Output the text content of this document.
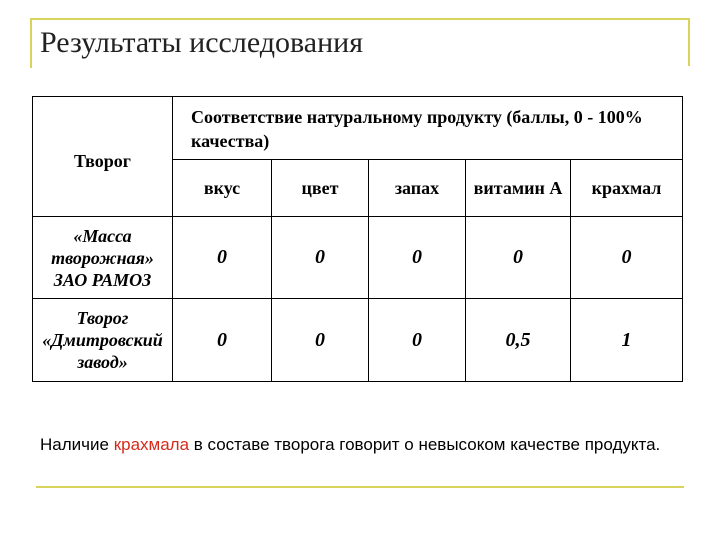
Результаты исследования
Творог	Соответствие натуральному продукту (баллы, 0 - 100% качества)				

	вкус	цвет	запах	витамин А	крахмал
«Масса творожная» ЗАО РАМОЗ	0	0	0	0	0
Творог «Дмитровский завод»	0	0	0	0,5	1
Наличие крахмала в составе творога говорит о невысоком качестве продукта.
